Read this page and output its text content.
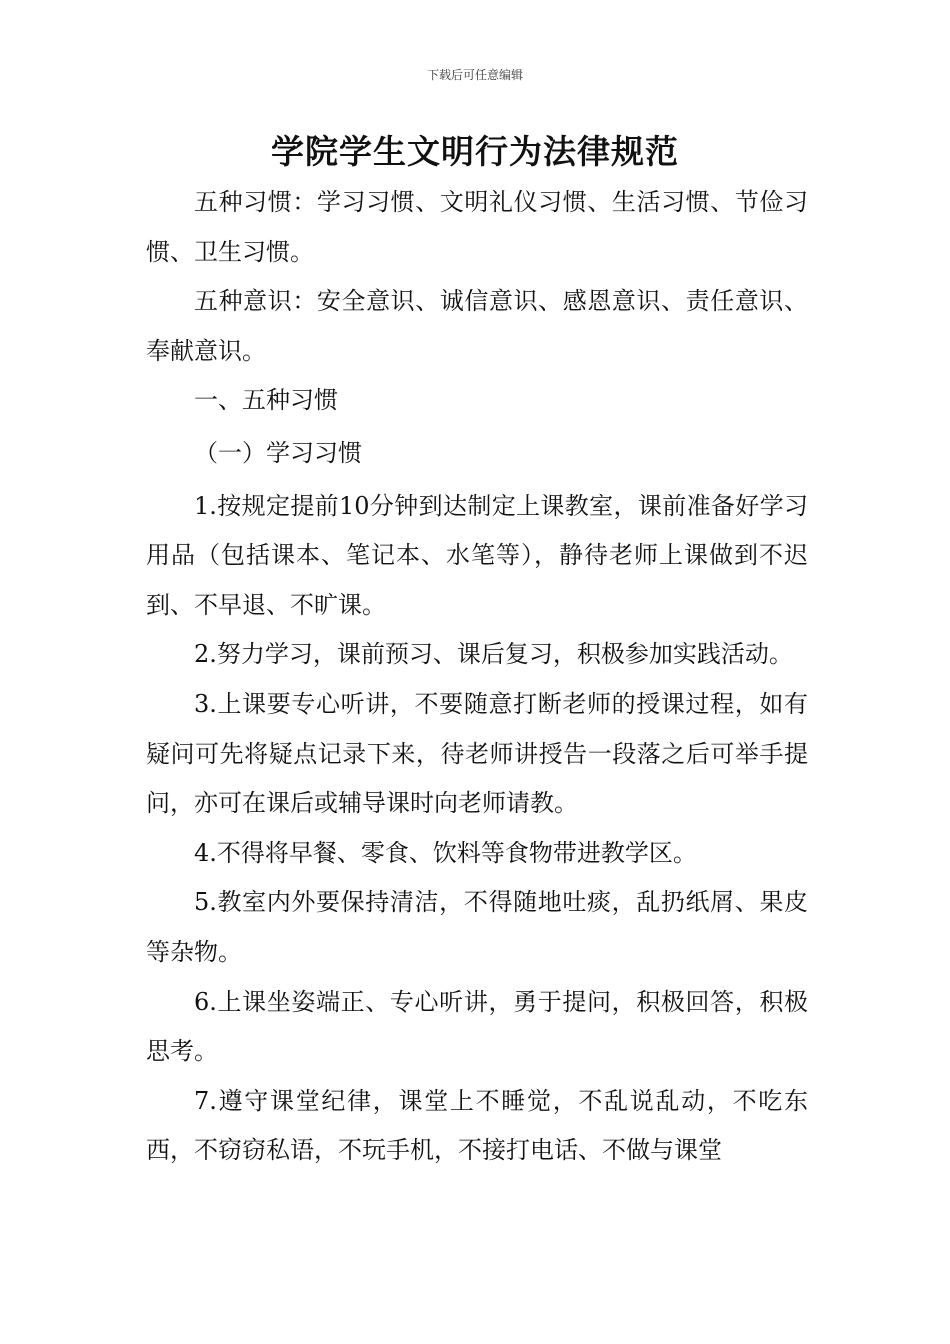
下载后可任意编辑
学院学生文明行为法律规范

五种习惯：学习习惯、文明礼仪习惯、生活习惯、节俭习惯、卫生习惯。

五种意识：安全意识、诚信意识、感恩意识、责任意识、奉献意识。

一、五种习惯

（一）学习习惯

1.按规定提前10分钟到达制定上课教室，课前准备好学习用品（包括课本、笔记本、水笔等），静待老师上课做到不迟到、不早退、不旷课。

2.努力学习，课前预习、课后复习，积极参加实践活动。

3.上课要专心听讲，不要随意打断老师的授课过程，如有疑问可先将疑点记录下来，待老师讲授告一段落之后可举手提问，亦可在课后或辅导课时向老师请教。

4.不得将早餐、零食、饮料等食物带进教学区。

5.教室内外要保持清洁，不得随地吐痰，乱扔纸屑、果皮等杂物。

6.上课坐姿端正、专心听讲，勇于提问，积极回答，积极思考。

7.遵守课堂纪律，课堂上不睡觉，不乱说乱动，不吃东西，不窃窃私语，不玩手机，不接打电话、不做与课堂
